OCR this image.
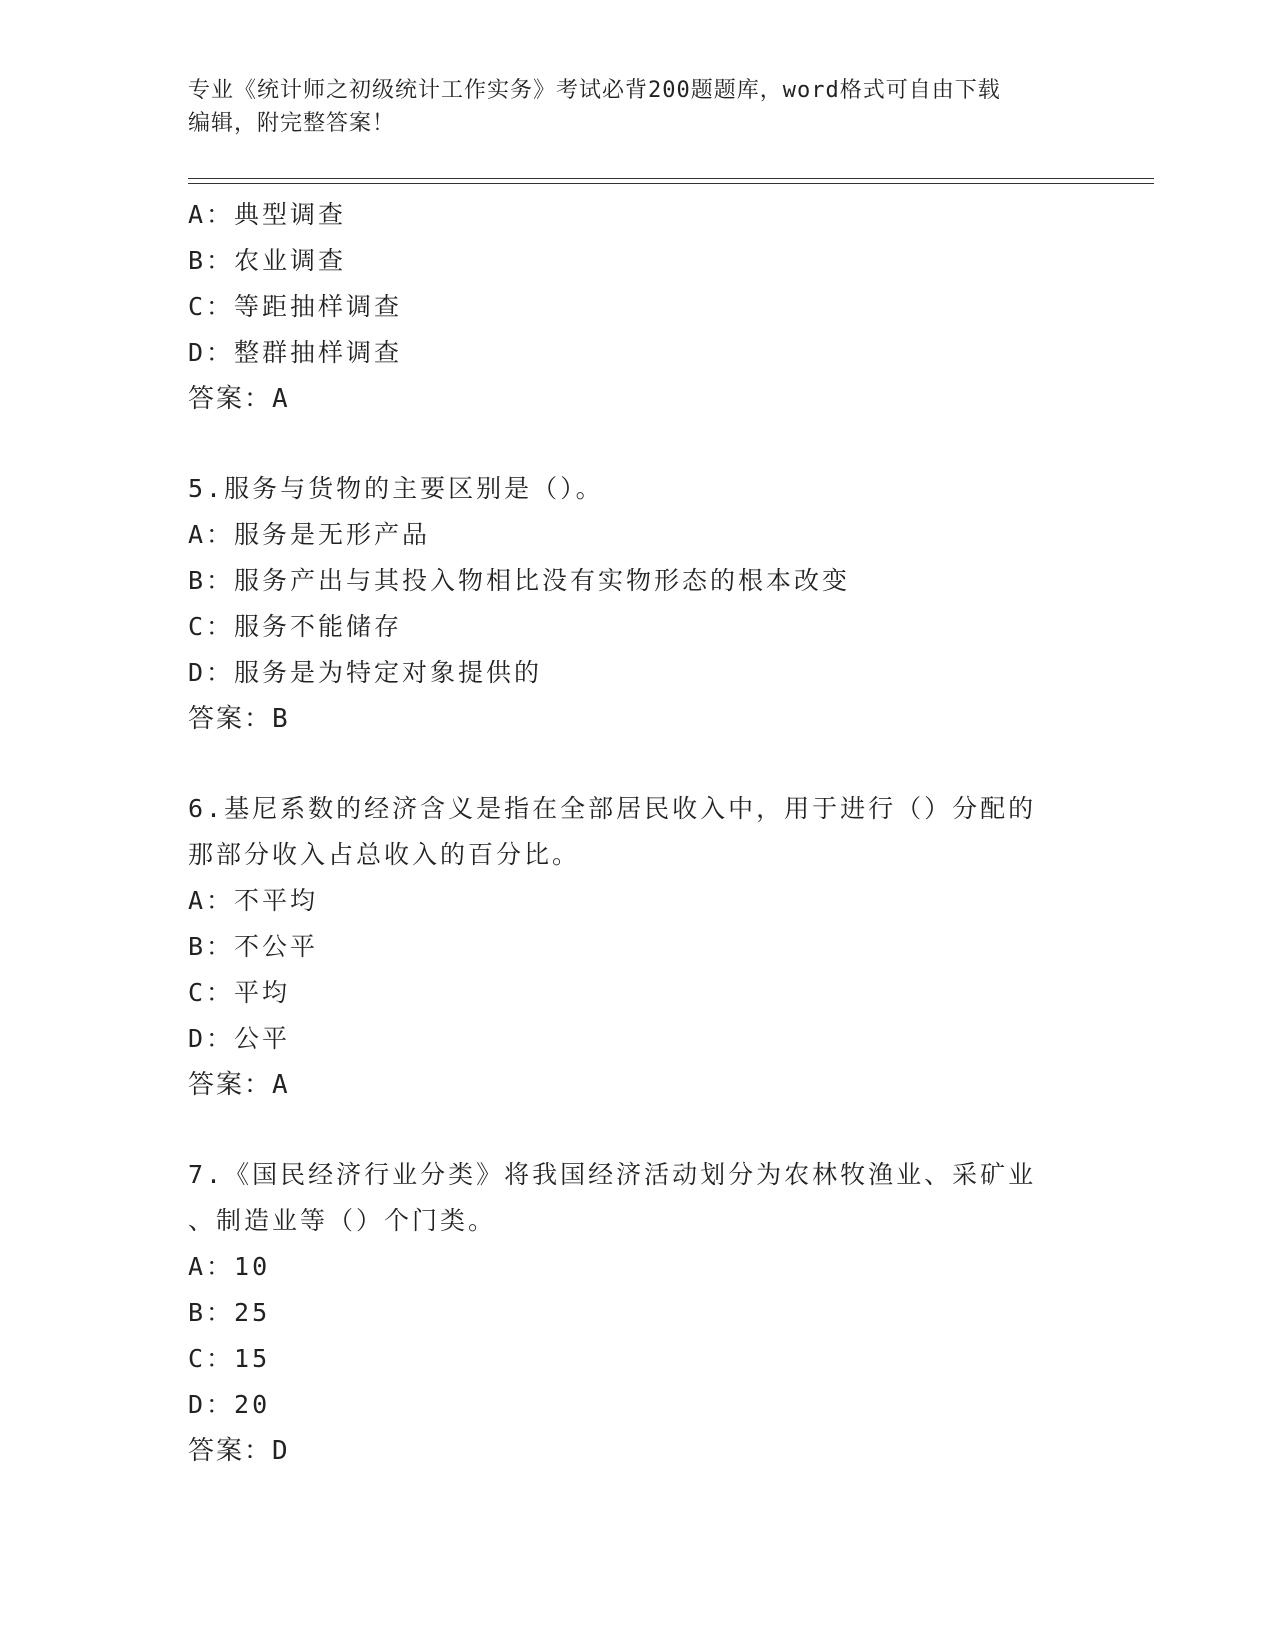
专业《统计师之初级统计工作实务》考试必背200题题库，word格式可自由下载
编辑，附完整答案！
A：典型调查
B：农业调查
C：等距抽样调查
D：整群抽样调查
答案：A
5.服务与货物的主要区别是（）。
A：服务是无形产品
B：服务产出与其投入物相比没有实物形态的根本改变
C：服务不能储存
D：服务是为特定对象提供的
答案：B
6.基尼系数的经济含义是指在全部居民收入中，用于进行（）分配的
那部分收入占总收入的百分比。
A：不平均
B：不公平
C：平均
D：公平
答案：A
7.《国民经济行业分类》将我国经济活动划分为农林牧渔业、采矿业
、制造业等（）个门类。
A：10
B：25
C：15
D：20
答案：D
